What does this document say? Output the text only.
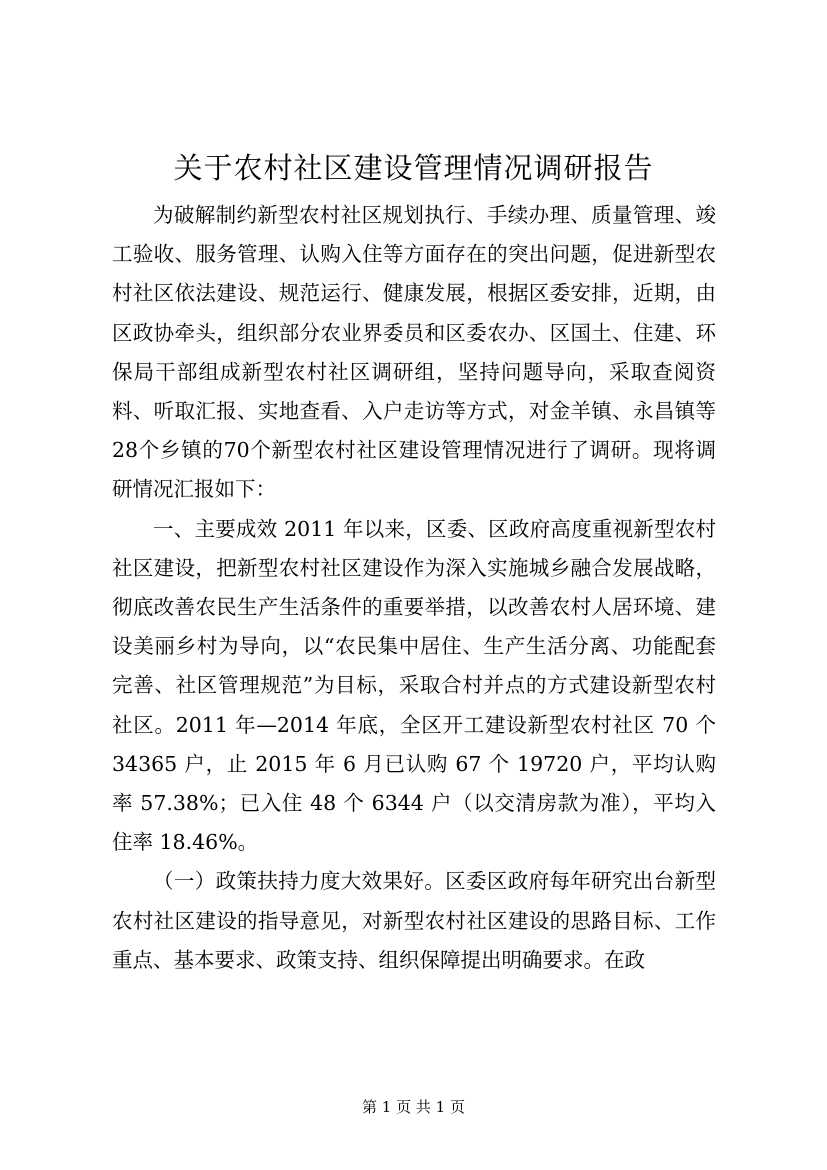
关于农村社区建设管理情况调研报告

为破解制约新型农村社区规划执行、手续办理、质量管理、竣工验收、服务管理、认购入住等方面存在的突出问题，促进新型农村社区依法建设、规范运行、健康发展，根据区委安排，近期，由区政协牵头，组织部分农业界委员和区委农办、区国土、住建、环保局干部组成新型农村社区调研组，坚持问题导向，采取查阅资料、听取汇报、实地查看、入户走访等方式，对金羊镇、永昌镇等28个乡镇的70个新型农村社区建设管理情况进行了调研。现将调研情况汇报如下：

一、主要成效 2011 年以来，区委、区政府高度重视新型农村社区建设，把新型农村社区建设作为深入实施城乡融合发展战略，彻底改善农民生产生活条件的重要举措，以改善农村人居环境、建设美丽乡村为导向，以“农民集中居住、生产生活分离、功能配套完善、社区管理规范”为目标，采取合村并点的方式建设新型农村社区。2011 年—2014 年底，全区开工建设新型农村社区 70 个 34365 户，止 2015 年 6 月已认购 67 个 19720 户，平均认购率 57.38%；已入住 48 个 6344 户（以交清房款为准），平均入住率 18.46%。

（一）政策扶持力度大效果好。区委区政府每年研究出台新型农村社区建设的指导意见，对新型农村社区建设的思路目标、工作重点、基本要求、政策支持、组织保障提出明确要求。在政

第 1 页 共 1 页
